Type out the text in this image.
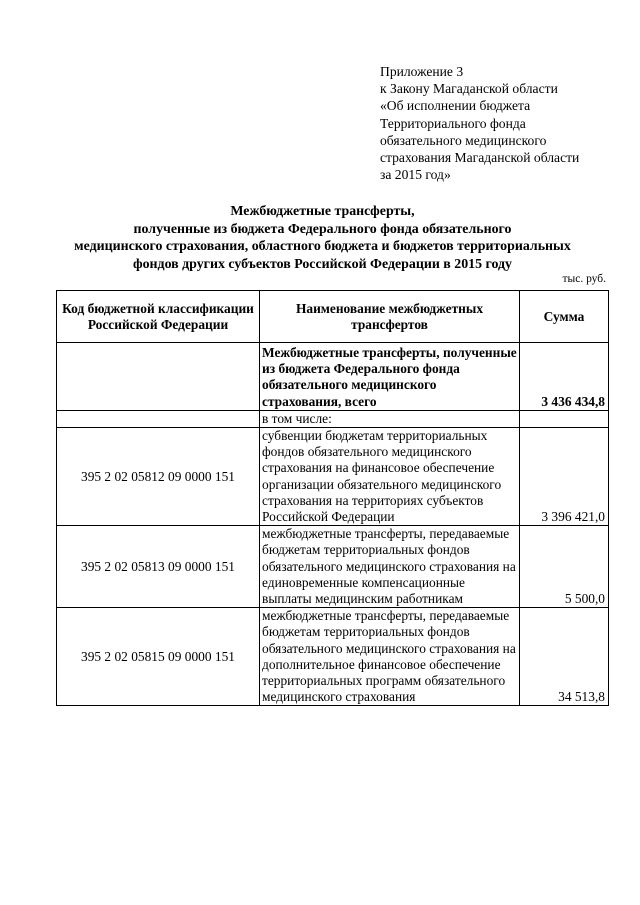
Приложение 3
к Закону Магаданской области
«Об исполнении бюджета
Территориального фонда
обязательного медицинского
страхования Магаданской области
за 2015 год»
Межбюджетные трансферты,
полученные из бюджета Федерального фонда обязательного
медицинского страхования, областного бюджета и бюджетов территориальных
фондов других субъектов Российской Федерации в 2015 году
тыс. руб.
Код бюджетной классификации Российской Федерации	Наименование межбюджетных трансфертов	Сумма
	Межбюджетные трансферты, полученные из бюджета Федерального фонда обязательного медицинского страхования, всего	3 436 434,8
	в том числе:	
395 2 02 05812 09 0000 151	субвенции бюджетам территориальных фондов обязательного медицинского страхования на финансовое обеспечение организации обязательного медицинского страхования на территориях субъектов Российской Федерации	3 396 421,0
395 2 02 05813 09 0000 151	межбюджетные трансферты, передаваемые бюджетам территориальных фондов обязательного медицинского страхования на единовременные компенсационные выплаты медицинским работникам	5 500,0
395 2 02 05815 09 0000 151	межбюджетные трансферты, передаваемые бюджетам территориальных фондов обязательного медицинского страхования на дополнительное финансовое обеспечение территориальных программ обязательного медицинского страхования	34 513,8
